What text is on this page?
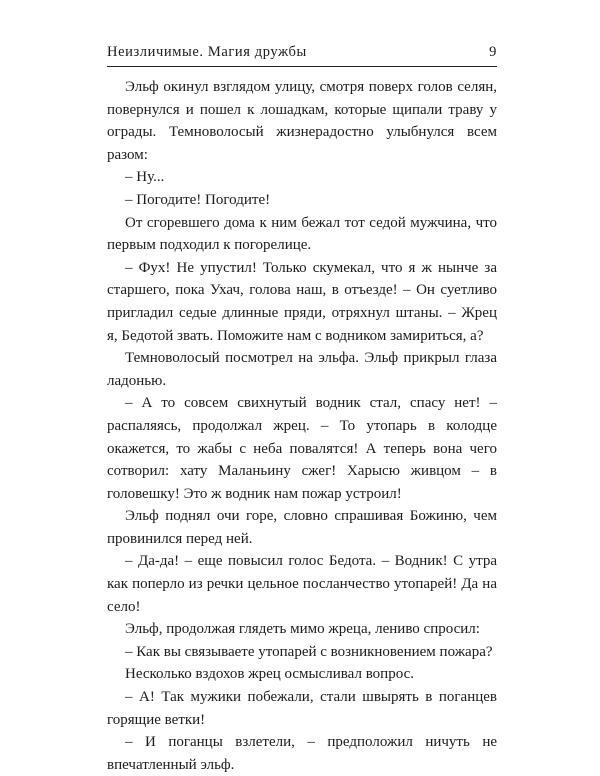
Неизличимые. Магия дружбы	9

Эльф окинул взглядом улицу, смотря поверх голов селян, повернулся и пошел к лошадкам, которые щипали траву у ограды. Темноволосый жизнерадостно улыбнулся всем разом:

– Ну...

– Погодите! Погодите!

От сгоревшего дома к ним бежал тот седой мужчина, что первым подходил к погорелице.

– Фух! Не упустил! Только скумекал, что я ж нынче за старшего, пока Ухач, голова наш, в отъезде! – Он суетливо пригладил седые длинные пряди, отряхнул штаны. – Жрец я, Бедотой звать. Поможите нам с водником замириться, а?

Темноволосый посмотрел на эльфа. Эльф прикрыл глаза ладонью.

– А то совсем свихнутый водник стал, спасу нет! – распаляясь, продолжал жрец. – То утопарь в колодце окажется, то жабы с неба повалятся! А теперь вона чего сотворил: хату Маланьину сжег! Харысю живцом – в головешку! Это ж водник нам пожар устроил!

Эльф поднял очи горе, словно спрашивая Божиню, чем провинился перед ней.

– Да-да! – еще повысил голос Бедота. – Водник! С утра как поперло из речки цельное посланчество утопарей! Да на село!

Эльф, продолжая глядеть мимо жреца, лениво спросил:

– Как вы связываете утопарей с возникновением пожара?

Несколько вздохов жрец осмысливал вопрос.

– А! Так мужики побежали, стали швырять в поганцев горящие ветки!

– И поганцы взлетели, – предположил ничуть не впечатленный эльф.
